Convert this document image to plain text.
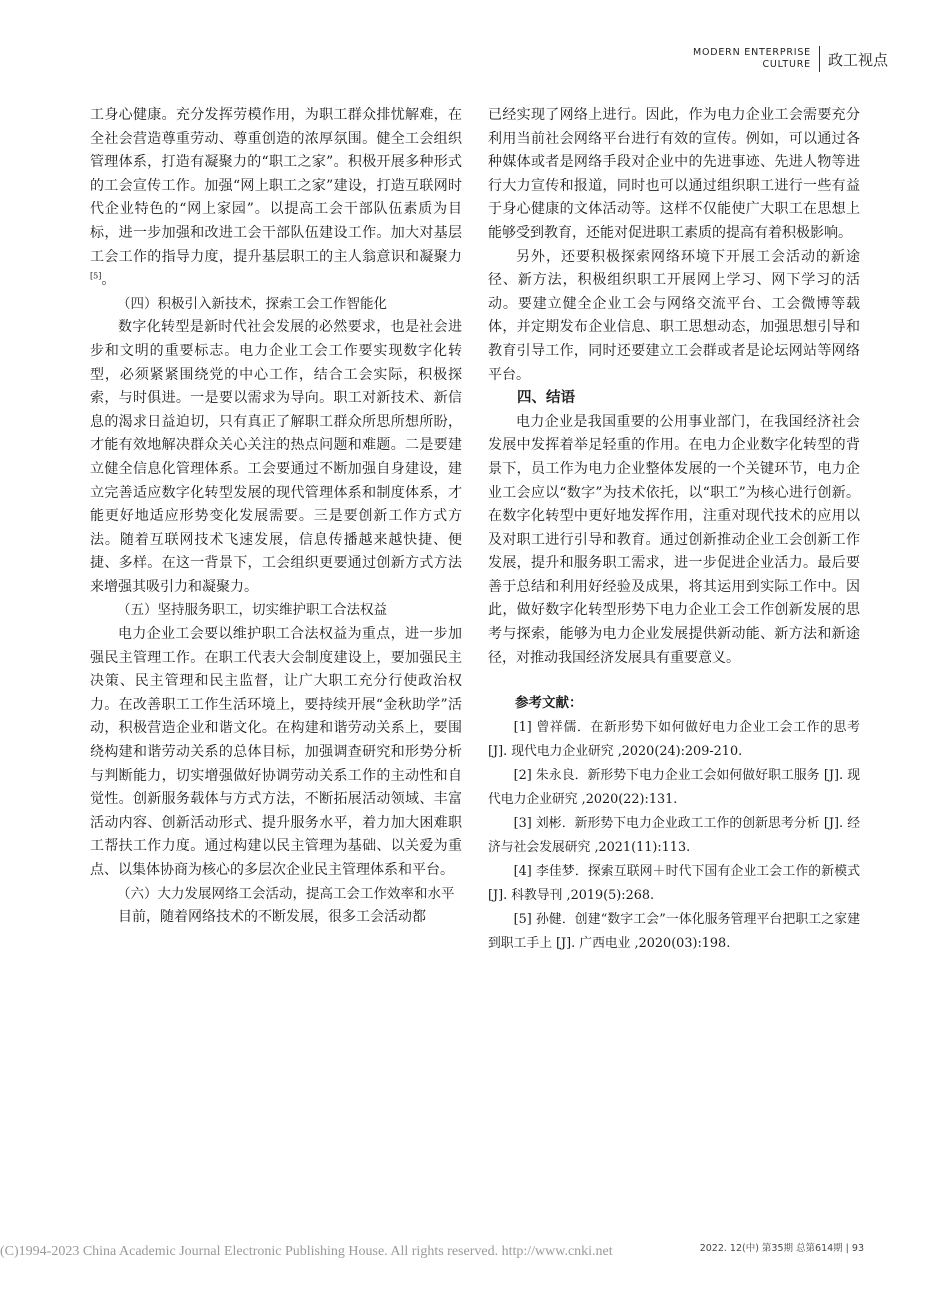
MODERN ENTERPRISE
CULTURE 政工视点

工身心健康。充分发挥劳模作用，为职工群众排忧解难，在全社会营造尊重劳动、尊重创造的浓厚氛围。健全工会组织管理体系，打造有凝聚力的“职工之家”。积极开展多种形式的工会宣传工作。加强“网上职工之家”建设，打造互联网时代企业特色的“网上家园”。以提高工会干部队伍素质为目标，进一步加强和改进工会干部队伍建设工作。加大对基层工会工作的指导力度，提升基层职工的主人翁意识和凝聚力[5]。

（四）积极引入新技术，探索工会工作智能化

数字化转型是新时代社会发展的必然要求，也是社会进步和文明的重要标志。电力企业工会工作要实现数字化转型，必须紧紧围绕党的中心工作，结合工会实际，积极探索，与时俱进。一是要以需求为导向。职工对新技术、新信息的渴求日益迫切，只有真正了解职工群众所思所想所盼，才能有效地解决群众关心关注的热点问题和难题。二是要建立健全信息化管理体系。工会要通过不断加强自身建设，建立完善适应数字化转型发展的现代管理体系和制度体系，才能更好地适应形势变化发展需要。三是要创新工作方式方法。随着互联网技术飞速发展，信息传播越来越快捷、便捷、多样。在这一背景下，工会组织更要通过创新方式方法来增强其吸引力和凝聚力。

（五）坚持服务职工，切实维护职工合法权益

电力企业工会要以维护职工合法权益为重点，进一步加强民主管理工作。在职工代表大会制度建设上，要加强民主决策、民主管理和民主监督，让广大职工充分行使政治权力。在改善职工工作生活环境上，要持续开展“金秋助学”活动，积极营造企业和谐文化。在构建和谐劳动关系上，要围绕构建和谐劳动关系的总体目标，加强调查研究和形势分析与判断能力，切实增强做好协调劳动关系工作的主动性和自觉性。创新服务载体与方式方法，不断拓展活动领域、丰富活动内容、创新活动形式、提升服务水平，着力加大困难职工帮扶工作力度。通过构建以民主管理为基础、以关爱为重点、以集体协商为核心的多层次企业民主管理体系和平台。

（六）大力发展网络工会活动，提高工会工作效率和水平

目前，随着网络技术的不断发展，很多工会活动都

已经实现了网络上进行。因此，作为电力企业工会需要充分利用当前社会网络平台进行有效的宣传。例如，可以通过各种媒体或者是网络手段对企业中的先进事迹、先进人物等进行大力宣传和报道，同时也可以通过组织职工进行一些有益于身心健康的文体活动等。这样不仅能使广大职工在思想上能够受到教育，还能对促进职工素质的提高有着积极影响。

另外，还要积极探索网络环境下开展工会活动的新途径、新方法，积极组织职工开展网上学习、网下学习的活动。要建立健全企业工会与网络交流平台、工会微博等载体，并定期发布企业信息、职工思想动态，加强思想引导和教育引导工作，同时还要建立工会群或者是论坛网站等网络平台。

四、结语

电力企业是我国重要的公用事业部门，在我国经济社会发展中发挥着举足轻重的作用。在电力企业数字化转型的背景下，员工作为电力企业整体发展的一个关键环节，电力企业工会应以“数字”为技术依托，以“职工”为核心进行创新。在数字化转型中更好地发挥作用，注重对现代技术的应用以及对职工进行引导和教育。通过创新推动企业工会创新工作发展，提升和服务职工需求，进一步促进企业活力。最后要善于总结和利用好经验及成果，将其运用到实际工作中。因此，做好数字化转型形势下电力企业工会工作创新发展的思考与探索，能够为电力企业发展提供新动能、新方法和新途径，对推动我国经济发展具有重要意义。

参考文献：

[1] 曾祥儒．在新形势下如何做好电力企业工会工作的思考 [J]. 现代电力企业研究 ,2020(24):209-210.

[2] 朱永良．新形势下电力企业工会如何做好职工服务 [J]. 现代电力企业研究 ,2020(22):131.

[3] 刘彬．新形势下电力企业政工工作的创新思考分析 [J]. 经济与社会发展研究 ,2021(11):113.

[4] 李佳梦．探索互联网＋时代下国有企业工会工作的新模式 [J]. 科教导刊 ,2019(5):268.

[5] 孙健．创建“数字工会”一体化服务管理平台把职工之家建到职工手上 [J]. 广西电业 ,2020(03):198.

2022. 12(中) 第35期 总第614期 | 93
(C)1994-2023 China Academic Journal Electronic Publishing House. All rights reserved. http://www.cnki.net
